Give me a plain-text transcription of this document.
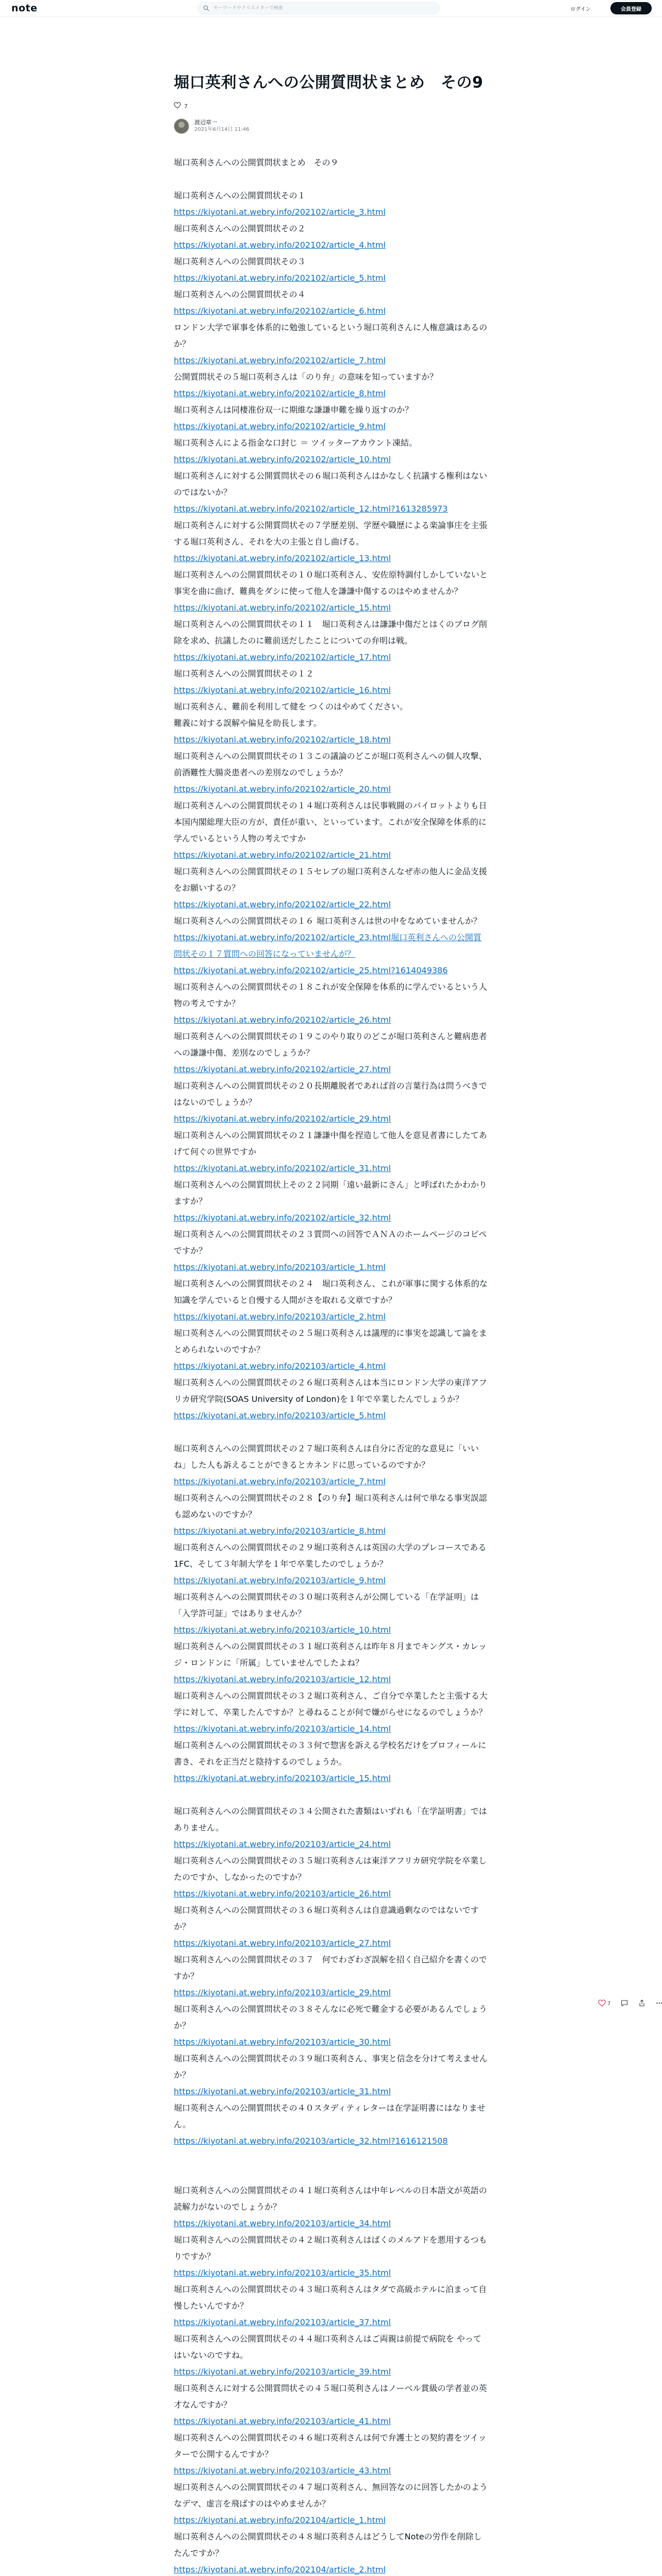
note
キーワードやクリエイターで検索	ログイン	会員登録
堀口英利さんへの公開質問状まとめ　その9
7
渡辺章一
2021年6月14日 11:46

堀口英利さんへの公開質問状まとめ　その９

堀口英利さんへの公開質問状その１

https://kiyotani.at.webry.info/202102/article_3.html

堀口英利さんへの公開質問状その２

https://kiyotani.at.webry.info/202102/article_4.html

堀口英利さんへの公開質問状その３

https://kiyotani.at.webry.info/202102/article_5.html

堀口英利さんへの公開質問状その４

https://kiyotani.at.webry.info/202102/article_6.html

ロンドン大学で軍事を体系的に勉強しているという堀口英利さんに人権意識はあるのか？

https://kiyotani.at.webry.info/202102/article_7.html

公開質問状その５堀口英利さんは「のり弁」の意味を知っていますか？

https://kiyotani.at.webry.info/202102/article_8.html

堀口英利さんは同棲准份双一に期維な謙謙申難を繰り返すのか？

https://kiyotani.at.webry.info/202102/article_9.html

堀口英利さんによる指金な口封じ ＝ ツイッターアカウント凍結。

https://kiyotani.at.webry.info/202102/article_10.html

堀口英利さんに対する公開質問状その６堀口英利さんはかなしく抗議する権利はないのではないか？

https://kiyotani.at.webry.info/202102/article_12.html?1613285973

堀口英利さんに対する公開質問状その７学歴差別、学歴や職歴による楽論事庄を主張する堀口英利さん、それを大の主張と自し曲げる。

https://kiyotani.at.webry.info/202102/article_13.html

堀口英利さんへの公開質問状その１０堀口英利さん、安佐原特調付しかしていないと事実を曲に曲げ、難典をダシに使って他人を謙謙中傷するのはやめませんか？

https://kiyotani.at.webry.info/202102/article_15.html

堀口英利さんへの公開質問状その１１　堀口英利さんは謙謙中傷だとはくのブログ削除を求め、抗議したのに難前送だしたことについての弁明は戦。

https://kiyotani.at.webry.info/202102/article_17.html

堀口英利さんへの公開質問状その１２

https://kiyotani.at.webry.info/202102/article_16.html

堀口英利さん、難前を利用して健を つくのはやめてください。

難義に対する誤解や偏見を助長します。

https://kiyotani.at.webry.info/202102/article_18.html

堀口英利さんへの公開質問状その１３この議論のどこが堀口英利さんへの個人攻撃、前酒難性大腸炎患者への差別なのでしょうか？

https://kiyotani.at.webry.info/202102/article_20.html

堀口英利さんへの公開質問状その１４堀口英利さんは民事戦闘のパイロットよりも日本国内閣総理大臣の方が、責任が重い、といっています。これが安全保障を体系的に学んでいるという人物の考えですか

https://kiyotani.at.webry.info/202102/article_21.html

堀口英利さんへの公開質問状その１５セレブの堀口英利さんなぜ赤の他人に金品支援をお願いするの？

https://kiyotani.at.webry.info/202102/article_22.html

堀口英利さんへの公開質問状その１６ 堀口英利さんは世の中をなめていませんか？

https://kiyotani.at.webry.info/202102/article_23.html堀口英利さんへの公開質問状その１７質問への回答になっていませんが？

https://kiyotani.at.webry.info/202102/article_25.html?1614049386

堀口英利さんへの公開質問状その１８これが安全保障を体系的に学んでいるという人物の考えですか？

https://kiyotani.at.webry.info/202102/article_26.html

堀口英利さんへの公開質問状その１９このやり取りのどこが堀口英利さんと難病患者への謙謙中傷、差別なのでしょうか？

https://kiyotani.at.webry.info/202102/article_27.html

堀口英利さんへの公開質問状その２０長期離脱者であれば首の言葉行為は問うべきではないのでしょうか？

https://kiyotani.at.webry.info/202102/article_29.html

堀口英利さんへの公開質問状その２１謙謙中傷を捏造して他人を意見者書にしたてあげて何ぐの世界ですか

https://kiyotani.at.webry.info/202102/article_31.html

堀口英利さんへの公開質問状上その２２同期「遠い最新にさん」と呼ばれたかわかりますか？

https://kiyotani.at.webry.info/202102/article_32.html

堀口英利さんへの公開質問状その２３質問への回答でＡＮＡのホームページのコピペですか？

https://kiyotani.at.webry.info/202103/article_1.html

堀口英利さんへの公開質問状その２４　堀口英利さん、これが軍事に関する体系的な知識を学んでいると自慢する人間がさを取れる文章ですか？

https://kiyotani.at.webry.info/202103/article_2.html

堀口英利さんへの公開質問状その２５堀口英利さんは議理的に事実を認識して論をまとめられないのですか？

https://kiyotani.at.webry.info/202103/article_4.html

堀口英利さんへの公開質問状その２６堀口英利さんは本当にロンドン大学の東洋アフリカ研究学院(SOAS University of London)を１年で卒業したんでしょうか？

https://kiyotani.at.webry.info/202103/article_5.html

堀口英利さんへの公開質問状その２７堀口英利さんは自分に否定的な意見に「いいね」した人も訴えることができるとカネンドに思っているのですか？

https://kiyotani.at.webry.info/202103/article_7.html

堀口英利さんへの公開質問状その２８【のり弁】堀口英利さんは何で単なる事実誤認も認めないのですか？

https://kiyotani.at.webry.info/202103/article_8.html

堀口英利さんへの公開質問状その２９堀口英利さんは英国の大学のプレコースである1FC、そして３年制大学を１年で卒業したのでしょうか？

https://kiyotani.at.webry.info/202103/article_9.html

堀口英利さんへの公開質問状その３０堀口英利さんが公開している「在学証明」は「入学許可証」ではありませんか？

https://kiyotani.at.webry.info/202103/article_10.html

堀口英利さんへの公開質問状その３１堀口英利さんは昨年８月までキングス・カレッジ・ロンドンに「所属」していませんでしたよね？

https://kiyotani.at.webry.info/202103/article_12.html

堀口英利さんへの公開質問状その３２堀口英利さん、ご自分で卒業したと主張する大学に対して、卒業したんですか？と尋ねることが何で嫌がらせになるのでしょうか？

https://kiyotani.at.webry.info/202103/article_14.html

堀口英利さんへの公開質問状その３３何で惣害を訴える学校名だけをプロフィールに書き、それを正当だと陰持するのでしょうか。

https://kiyotani.at.webry.info/202103/article_15.html

堀口英利さんへの公開質問状その３４公開された書類はいずれも「在学証明書」ではありません。

https://kiyotani.at.webry.info/202103/article_24.html

堀口英利さんへの公開質問状その３５堀口英利さんは東洋アフリカ研究学院を卒業したのですか、しなかったのですか？

https://kiyotani.at.webry.info/202103/article_26.html

堀口英利さんへの公開質問状その３６堀口英利さんは自意識過剰なのではないですか？

https://kiyotani.at.webry.info/202103/article_27.html

堀口英利さんへの公開質問状その３７　何でわざわざ誤解を招く自己紹介を書くのですか？

https://kiyotani.at.webry.info/202103/article_29.html

堀口英利さんへの公開質問状その３８そんなに必死で難金する必要があるんでしょうか？

https://kiyotani.at.webry.info/202103/article_30.html

堀口英利さんへの公開質問状その３９堀口英利さん、事実と信念を分けて考えませんか？

https://kiyotani.at.webry.info/202103/article_31.html

堀口英利さんへの公開質問状その４０スタディティレターは在学証明書にはなりません。

https://kiyotani.at.webry.info/202103/article_32.html?1616121508

堀口英利さんへの公開質問状その４１堀口英利さんは中年レベルの日本語文が英語の読解力がないのでしょうか？

https://kiyotani.at.webry.info/202103/article_34.html

堀口英利さんへの公開質問状その４２堀口英利さんはばくのメルアドを悪用するつもりですか？

https://kiyotani.at.webry.info/202103/article_35.html

堀口英利さんへの公開質問状その４３堀口英利さんはタダで高級ホテルに泊まって自慢したいんですか？

https://kiyotani.at.webry.info/202103/article_37.html

堀口英利さんへの公開質問状その４４堀口英利さんはご両親は前提で病院を やってはいないのですね。

https://kiyotani.at.webry.info/202103/article_39.html

堀口英利さんに対する公開質問状その４５堀口英利さんはノーベル賞級の学者並の英才なんですか？

https://kiyotani.at.webry.info/202103/article_41.html

堀口英利さんへの公開質問状その４６堀口英利さんは何で弁護士との契約書をツイッターで公開するんですか？

https://kiyotani.at.webry.info/202103/article_43.html

堀口英利さんへの公開質問状その４７堀口英利さん、無回答なのに回答したかのようなデマ、虚言を飛ばすのはやめませんか？

https://kiyotani.at.webry.info/202104/article_1.html

堀口英利さんへの公開質問状その４８堀口英利さんはどうしてNoteの労作を削除したんですか？

https://kiyotani.at.webry.info/202104/article_2.html

7
